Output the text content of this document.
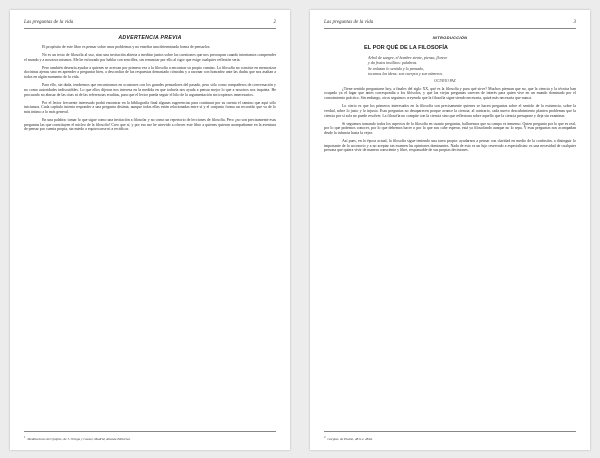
Las preguntas de la vida	2
ADVERTENCIA PREVIA

El propósito de este libro es pensar sobre unos problemas y no enseñar una determinada forma de pensarlos.

No es un texto de filosofía al uso, sino una invitación abierta a meditar juntos sobre las cuestiones que nos preocupan cuando intentamos comprender el mundo y a nosotros mismos. Me he esforzado por hablar con sencillez, sin renunciar por ello al rigor que exige cualquier reflexión seria.

Pero también desearía ayudar a quienes se acercan por primera vez a la filosofía a encontrar su propio camino. La filosofía no consiste en memorizar doctrinas ajenas sino en aprender a preguntar bien, a desconfiar de las respuestas demasiado cómodas y a razonar con honradez ante las dudas que nos asaltan a todos en algún momento de la vida.

Para ello, sin duda, tendremos que encontrarnos en ocasiones con los grandes pensadores del pasado, pero sólo como compañeros de conversación y no como autoridades indiscutibles. Lo que ellos dijeron nos interesa en la medida en que todavía nos ayuda a pensar mejor lo que a nosotros nos inquieta. He procurado no abusar de las citas ni de las referencias eruditas, para que el lector pueda seguir el hilo de la argumentación sin tropiezos innecesarios.

Por el lector frecuente interesado podrá encontrar en la bibliografía final algunas sugerencias para continuar por su cuenta el camino que aquí sólo iniciamos. Cada capítulo intenta responder a una pregunta distinta, aunque todas ellas están relacionadas entre sí y el conjunto forma un recorrido que va de lo más íntimo a lo más general.

En una palabra: tomar lo que sigue como una invitación a filosofar y no como un repertorio de lecciones de filosofía. Pero ¿no son precisamente esas preguntas las que constituyen el núcleo de la filosofía? Creo que sí, y por eso me he atrevido a ofrecer este libro a quienes quieran acompañarme en la aventura de pensar por cuenta propia, sin miedo a equivocarse ni a rectificar.

1 Meditaciones del Quijote, de J. Ortega y Gasset, Madrid, Alianza Editorial.
Las preguntas de la vida	3
INTRODUCCIÓN
EL POR QUÉ DE LA FILOSOFÍA
Arbol de sangre, el hombre siente, piensa, florece
y da frutos insólitos: palabras.
Se enlazan lo sentido y lo pensado,
tocamos las ideas: son cuerpos y son números.
OCTAVIO PAZ

¿Tiene sentido preguntarse hoy, a finales del siglo XX, qué es la filosofía y para qué sirve? Muchos piensan que no, que la ciencia y la técnica han ocupado ya el lugar que antes correspondía a los filósofos, y que las viejas preguntas carecen de interés para quien vive en un mundo dominado por el conocimiento práctico. Sin embargo, otros seguimos creyendo que la filosofía sigue siendo necesaria, quizá más necesaria que nunca.

Lo cierto es que los primeros interesados en la filosofía son precisamente quienes se hacen preguntas sobre el sentido de la existencia, sobre la verdad, sobre lo justo y lo injusto. Esas preguntas no desaparecen porque avance la ciencia; al contrario, cada nuevo descubrimiento plantea problemas que la ciencia por sí sola no puede resolver. La filosofía no compite con la ciencia sino que reflexiona sobre aquello que la ciencia presupone y deja sin examinar.

Si seguimos tomando todos los aspectos de la filosofía en cuanto preguntas, hallaremos que su campo es inmenso. Quien pregunta por lo que es real, por lo que podemos conocer, por lo que debemos hacer o por lo que nos cabe esperar, está ya filosofando aunque no lo sepa. Y esas preguntas nos acompañan desde la infancia hasta la vejez.

Así pues, en la época actual, la filosofía sigue teniendo una tarea propia: ayudarnos a pensar con claridad en medio de la confusión, a distinguir lo importante de lo accesorio y a no aceptar sin examen las opiniones dominantes. Nada de esto es un lujo reservado a especialistas: es una necesidad de cualquier persona que quiera vivir de manera consciente y libre, responsable de sus propias decisiones.

2 Gorgias, de Platón, 481c-e 484d.
